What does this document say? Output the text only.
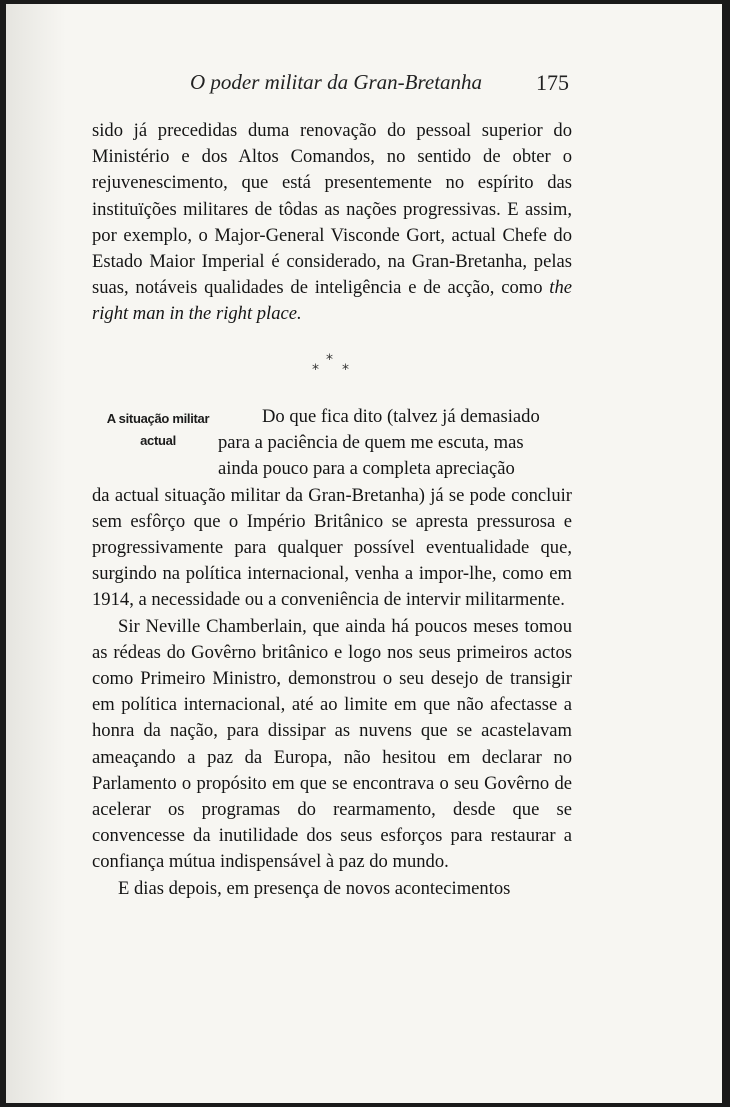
O poder militar da Gran-Bretanha 175

sido já precedidas duma renovação do pessoal superior do Ministério e dos Altos Comandos, no sentido de obter o rejuvenescimento, que está presentemente no espírito das instituïções militares de tôdas as nações progressivas. E assim, por exemplo, o Major-General Visconde Gort, actual Chefe do Estado Maior Imperial é considerado, na Gran-Bretanha, pelas suas, notáveis qualidades de inteligência e de acção, como the right man in the right place.

*
* *
A situação militar
actual

Do que fica dito (talvez já demasiado
para a paciência de quem me escuta, mas
ainda pouco para a completa apreciação
da actual situação militar da Gran-Bretanha) já se pode concluir sem esfôrço que o Império Britânico se apresta pressurosa e progressivamente para qualquer possível eventualidade que, surgindo na política internacional, venha a impor-lhe, como em 1914, a necessidade ou a conveniência de intervir militarmente.

Sir Neville Chamberlain, que ainda há poucos meses tomou as rédeas do Govêrno britânico e logo nos seus primeiros actos como Primeiro Ministro, demonstrou o seu desejo de transigir em política internacional, até ao limite em que não afectasse a honra da nação, para dissipar as nuvens que se acastelavam ameaçando a paz da Europa, não hesitou em declarar no Parlamento o propósito em que se encontrava o seu Govêrno de acelerar os programas do rearmamento, desde que se convencesse da inutilidade dos seus esforços para restaurar a confiança mútua indispensável à paz do mundo.

E dias depois, em presença de novos acontecimentos
